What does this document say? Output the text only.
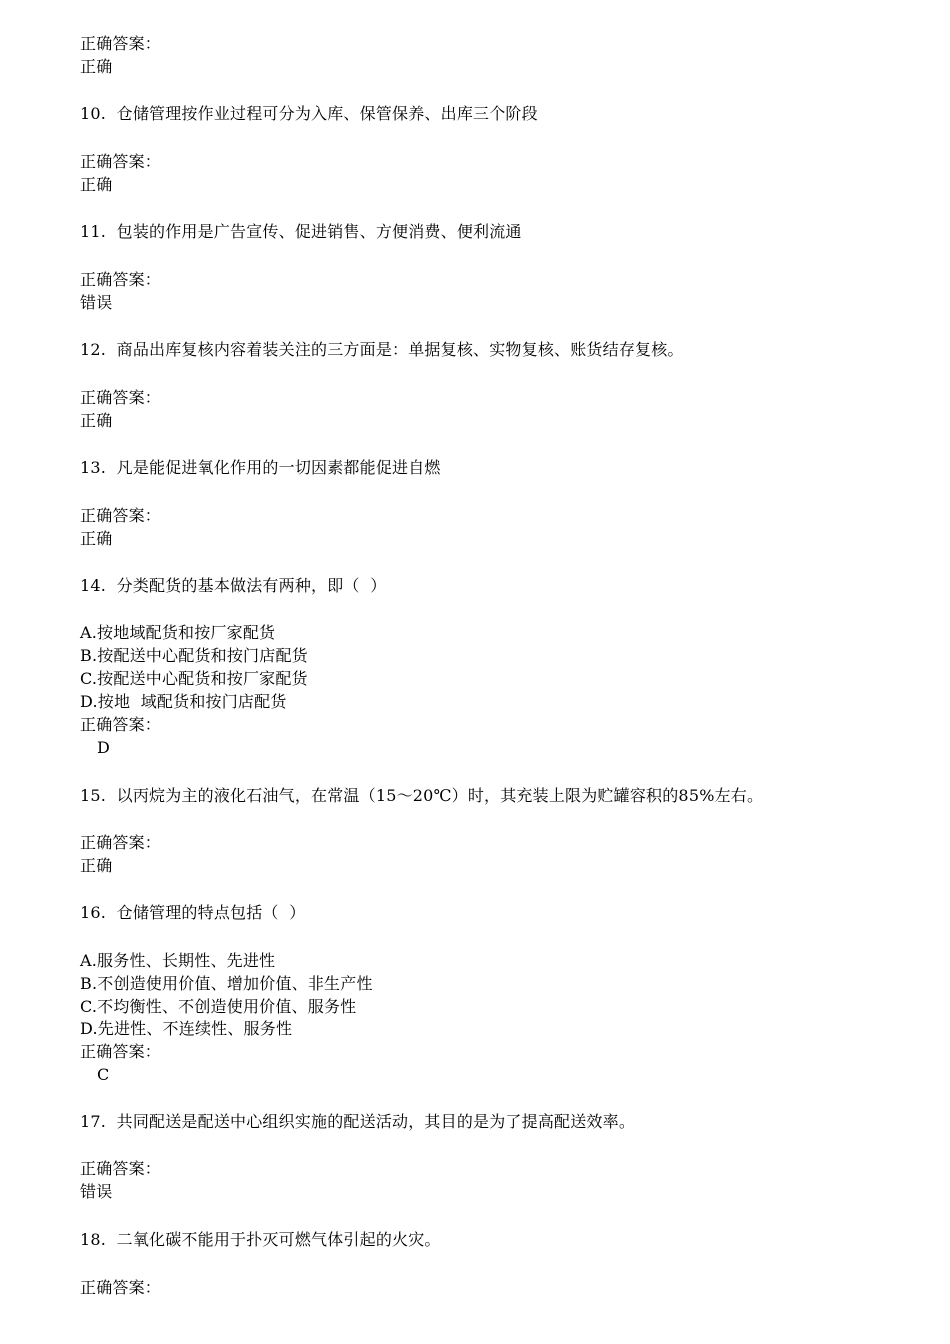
正确答案：
正确
10.  仓储管理按作业过程可分为入库、保管保养、出库三个阶段
正确答案：
正确
11.  包装的作用是广告宣传、促进销售、方便消费、便利流通
正确答案：
错误
12.  商品出库复核内容着装关注的三方面是：单据复核、实物复核、账货结存复核。
正确答案：
正确
13.  凡是能促进氧化作用的一切因素都能促进自燃
正确答案：
正确
14.  分类配货的基本做法有两种，即（  ）
A.按地域配货和按厂家配货
B.按配送中心配货和按门店配货
C.按配送中心配货和按厂家配货
D.按地  域配货和按门店配货
正确答案：
D
15.  以丙烷为主的液化石油气，在常温（15～20℃）时，其充装上限为贮罐容积的85%左右。
正确答案：
正确
16.  仓储管理的特点包括（  ）
A.服务性、长期性、先进性
B.不创造使用价值、增加价值、非生产性
C.不均衡性、不创造使用价值、服务性
D.先进性、不连续性、服务性
正确答案：
C
17.  共同配送是配送中心组织实施的配送活动，其目的是为了提高配送效率。
正确答案：
错误
18.  二氧化碳不能用于扑灭可燃气体引起的火灾。
正确答案：
